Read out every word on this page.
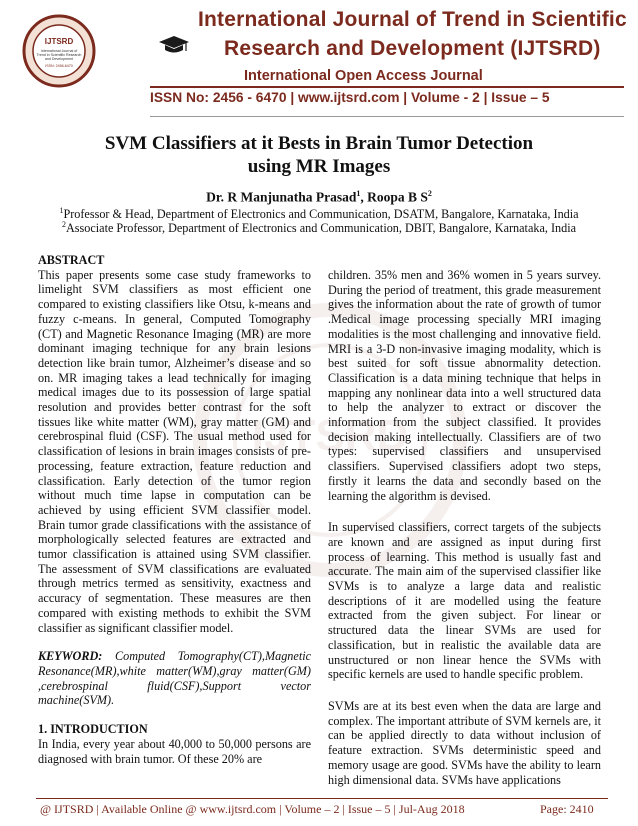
IJTSRD
International Journal of
Trend in Scientific Research
and Development
ISSN: 2456-6470
International Journal of Trend in Scientific
Research and Development (IJTSRD)
International Open Access Journal
ISSN No: 2456 - 6470 | www.ijtsrd.com | Volume - 2 | Issue – 5
SVM Classifiers at it Bests in Brain Tumor Detection
using MR Images
Dr. R Manjunatha Prasad$^1$, Roopa B $S^2$
$^1$Professor & Head, Department of Electronics and Communication, DSATM, Bangalore, Karnataka, India
$^2$Associate Professor, Department of Electronics and Communication, DBIT, Bangalore, Karnataka, India
IJTSRD

ABSTRACT

This paper presents some case study frameworks to limelight SVM classifiers as most efficient one compared to existing classifiers like Otsu, k-means and fuzzy c-means. In general, Computed Tomography (CT) and Magnetic Resonance Imaging (MR) are more dominant imaging technique for any brain lesions detection like brain tumor, Alzheimer’s disease and so on. MR imaging takes a lead technically for imaging medical images due to its possession of large spatial resolution and provides better contrast for the soft tissues like white matter (WM), gray matter (GM) and cerebrospinal fluid (CSF). The usual method used for classification of lesions in brain images consists of pre-processing, feature extraction, feature reduction and classification. Early detection of the tumor region without much time lapse in computation can be achieved by using efficient SVM classifier model. Brain tumor grade classifications with the assistance of morphologically selected features are extracted and tumor classification is attained using SVM classifier. The assessment of SVM classifications are evaluated through metrics termed as sensitivity, exactness and accuracy of segmentation. These measures are then compared with existing methods to exhibit the SVM classifier as significant classifier model.

KEYWORD: Computed Tomography(CT),Magnetic Resonance(MR),white matter(WM),gray matter(GM) ,cerebrospinal fluid(CSF),Support vector machine(SVM).

1. INTRODUCTION

In India, every year about 40,000 to 50,000 persons are diagnosed with brain tumor. Of these 20% are

children. 35% men and 36% women in 5 years survey. During the period of treatment, this grade measurement gives the information about the rate of growth of tumor .Medical image processing specially MRI imaging modalities is the most challenging and innovative field. MRI is a 3-D non-invasive imaging modality, which is best suited for soft tissue abnormality detection. Classification is a data mining technique that helps in mapping any nonlinear data into a well structured data to help the analyzer to extract or discover the information from the subject classified. It provides decision making intellectually. Classifiers are of two types: supervised classifiers and unsupervised classifiers. Supervised classifiers adopt two steps, firstly it learns the data and secondly based on the learning the algorithm is devised.

In supervised classifiers, correct targets of the subjects are known and are assigned as input during first process of learning. This method is usually fast and accurate. The main aim of the supervised classifier like SVMs is to analyze a large data and realistic descriptions of it are modelled using the feature extracted from the given subject. For linear or structured data the linear SVMs are used for classification, but in realistic the available data are unstructured or non linear hence the SVMs with specific kernels are used to handle specific problem.

SVMs are at its best even when the data are large and complex. The important attribute of SVM kernels are, it can be applied directly to data without inclusion of feature extraction. SVMs deterministic speed and memory usage are good. SVMs have the ability to learn high dimensional data. SVMs have applications

@ IJTSRD | Available Online @ www.ijtsrd.com | Volume – 2 | Issue – 5 | Jul-Aug 2018	Page: 2410
